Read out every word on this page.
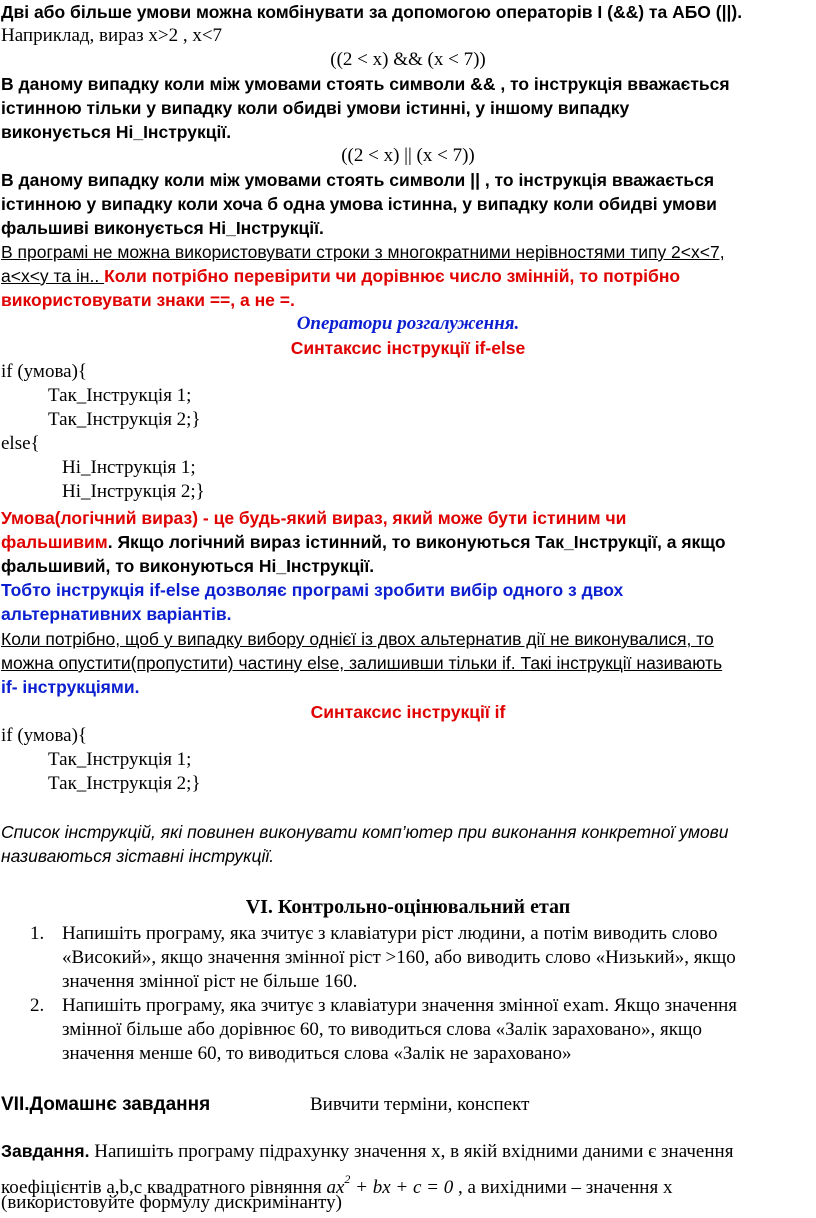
Дві або більше умови можна комбінувати за допомогою операторів І (&&) та АБО (||).
Наприклад, вираз х>2 , х<7
((2 < x) && (x < 7))
В даному випадку коли між умовами стоять символи && , то інструкція вважається
істинною тільки у випадку коли обидві умови істинні, у іншому випадку
виконується Ні_Інструкції.
((2 < x) || (x < 7))
В даному випадку коли між умовами стоять символи || , то інструкція вважається
істинною у випадку коли хоча б одна умова істинна, у випадку коли обидві умови
фальшиві виконується Ні_Інструкції.
В програмі не можна використовувати строки з многократними нерівностями типу 2<x<7,
a<x<y та ін.. Коли потрібно перевірити чи дорівнює число змінній, то потрібно
використовувати знаки ==, а не =.
Оператори розгалуження.
Синтаксис інструкції if-else
if (умова){
Так_Інструкція 1;
Так_Інструкція 2;}
else{
Ні_Інструкція 1;
Ні_Інструкція 2;}
Умова(логічний вираз) - це будь-який вираз, який може бути істиним чи
фальшивим. Якщо логічний вираз істинний, то виконуються Так_Інструкції, а якщо
фальшивий, то виконуються Ні_Інструкції.
Тобто інструкція if-else дозволяє програмі зробити вибір одного з двох
альтернативних варіантів.
Коли потрібно, щоб у випадку вибору однієї із двох альтернатив дії не виконувалися, то
можна опустити(пропустити) частину else, залишивши тільки if. Такі інструкції називають
if- інструкціями.
Синтаксис інструкції if
if (умова){
Так_Інструкція 1;
Так_Інструкція 2;}
Список інструкцій, які повинен виконувати комп’ютер при виконання конкретної умови
називаються зіставні інструкції.
VI. Контрольно-оцінювальний етап
1. Напишіть програму, яка зчитує з клавіатури ріст людини, а потім виводить слово
«Високий», якщо значення змінної ріст >160, або виводить слово «Низький», якщо
значення змінної ріст не більше 160.
2. Напишіть програму, яка зчитує з клавіатури значення змінної exam. Якщо значення
змінної більше або дорівнює 60, то виводиться слова «Залік зараховано», якщо
значення менше 60, то виводиться слова «Залік не зараховано»
VII.Домашнє завдання	Вивчити терміни, конспект
Завдання. Напишіть програму підрахунку значення х, в якій вхідними даними є значення
коефіцієнтів a,b,c квадратного рівняння $ax^2$ + bx + c = 0 , а вихідними – значення х
(використовуйте формулу дискримінанту)
